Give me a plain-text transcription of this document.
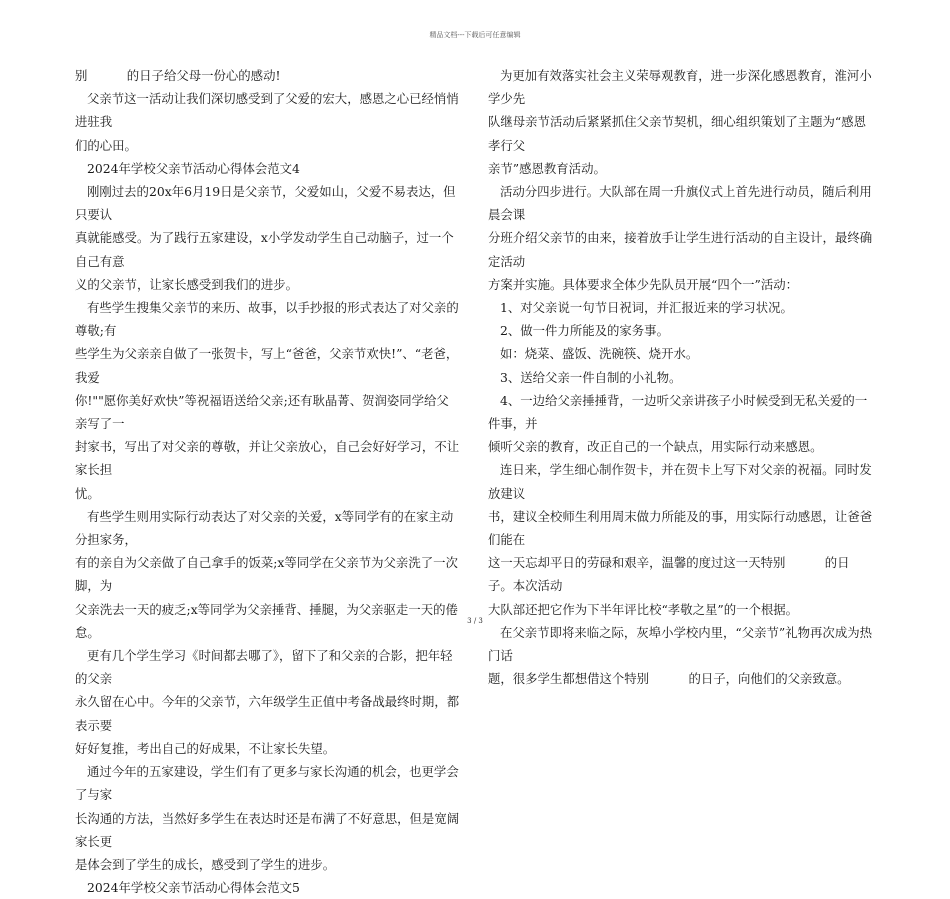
精品文档---下载后可任意编辑

别          的日子给父母一份心的感动!

父亲节这一活动让我们深切感受到了父爱的宏大，感恩之心已经悄悄进驻我

们的心田。

2024年学校父亲节活动心得体会范文4

刚刚过去的20x年6月19日是父亲节，父爱如山，父爱不易表达，但只要认

真就能感受。为了践行五家建设，x小学发动学生自己动脑子，过一个自己有意

义的父亲节，让家长感受到我们的进步。

有些学生搜集父亲节的来历、故事，以手抄报的形式表达了对父亲的尊敬;有

些学生为父亲亲自做了一张贺卡，写上“爸爸，父亲节欢快!”、“老爸，我爱

你!""愿你美好欢快”等祝福语送给父亲;还有耿晶菁、贺润姿同学给父亲写了一

封家书，写出了对父亲的尊敬，并让父亲放心，自己会好好学习，不让家长担

忧。

有些学生则用实际行动表达了对父亲的关爱，x等同学有的在家主动分担家务，

有的亲自为父亲做了自己拿手的饭菜;x等同学在父亲节为父亲洗了一次脚，为

父亲洗去一天的疲乏;x等同学为父亲捶背、捶腿，为父亲驱走一天的倦怠。

更有几个学生学习《时间都去哪了》，留下了和父亲的合影，把年轻的父亲

永久留在心中。今年的父亲节，六年级学生正值中考备战最终时期，都表示要

好好复推，考出自己的好成果，不让家长失望。

通过今年的五家建设，学生们有了更多与家长沟通的机会，也更学会了与家

长沟通的方法，当然好多学生在表达时还是布满了不好意思，但是宽阔家长更

是体会到了学生的成长，感受到了学生的进步。

2024年学校父亲节活动心得体会范文5

为更加有效落实社会主义荣辱观教育，进一步深化感恩教育，淮河小学少先

队继母亲节活动后紧紧抓住父亲节契机，细心组织策划了主题为“感恩孝行父

亲节”感恩教育活动。

活动分四步进行。大队部在周一升旗仪式上首先进行动员，随后利用晨会课

分班介绍父亲节的由来，接着放手让学生进行活动的自主设计，最终确定活动

方案并实施。具体要求全体少先队员开展“四个一”活动：

1、对父亲说一句节日祝词，并汇报近来的学习状况。

2、做一件力所能及的家务事。

如：烧菜、盛饭、洗碗筷、烧开水。

3、送给父亲一件自制的小礼物。

4、一边给父亲捶捶背，一边听父亲讲孩子小时候受到无私关爱的一件事，并

倾听父亲的教育，改正自己的一个缺点，用实际行动来感恩。

连日来，学生细心制作贺卡，并在贺卡上写下对父亲的祝福。同时发放建议

书，建议全校师生利用周末做力所能及的事，用实际行动感恩，让爸爸们能在

这一天忘却平日的劳碌和艰辛，温馨的度过这一天特别          的日子。本次活动

大队部还把它作为下半年评比校“孝敬之星”的一个根据。

在父亲节即将来临之际，灰埠小学校内里，“父亲节”礼物再次成为热门话

题，很多学生都想借这个特别          的日子，向他们的父亲致意。

3 / 3
